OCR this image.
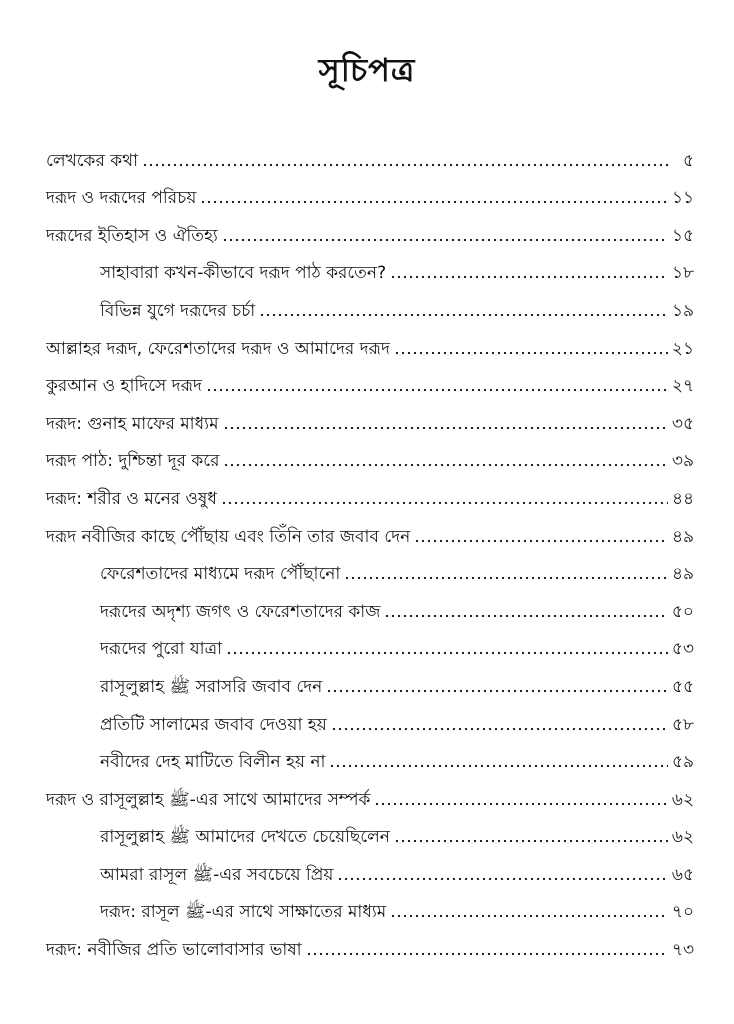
সূচিপত্র
লেখকের কথা	৫
দরূদ ও দরূদের পরিচয়	১১
দরূদের ইতিহাস ও ঐতিহ্য	১৫
সাহাবারা কখন-কীভাবে দরূদ পাঠ করতেন?	১৮
বিভিন্ন যুগে দরূদের চর্চা	১৯
আল্লাহর দরূদ, ফেরেশতাদের দরূদ ও আমাদের দরূদ	২১
কুরআন ও হাদিসে দরূদ	২৭
দরূদ: গুনাহ মাফের মাধ্যম	৩৫
দরূদ পাঠ: দুশ্চিন্তা দূর করে	৩৯
দরূদ: শরীর ও মনের ওষুধ	৪৪
দরূদ নবীজির কাছে পৌঁছায় এবং তিঁনি তার জবাব দেন	৪৯
ফেরেশতাদের মাধ্যমে দরূদ পৌঁছানো	৪৯
দরূদের অদৃশ্য জগৎ ও ফেরেশতাদের কাজ	৫০
দরূদের পুরো যাত্রা	৫৩
রাসূলুল্লাহ ﷺ সরাসরি জবাব দেন	৫৫
প্রতিটি সালামের জবাব দেওয়া হয়	৫৮
নবীদের দেহ মাটিতে বিলীন হয় না	৫৯
দরূদ ও রাসূলুল্লাহ ﷺ-এর সাথে আমাদের সম্পর্ক	৬২
রাসূলুল্লাহ ﷺ আমাদের দেখতে চেয়েছিলেন	৬২
আমরা রাসূল ﷺ-এর সবচেয়ে প্রিয়	৬৫
দরূদ: রাসূল ﷺ-এর সাথে সাক্ষাতের মাধ্যম	৭০
দরূদ: নবীজির প্রতি ভালোবাসার ভাষা	৭৩
